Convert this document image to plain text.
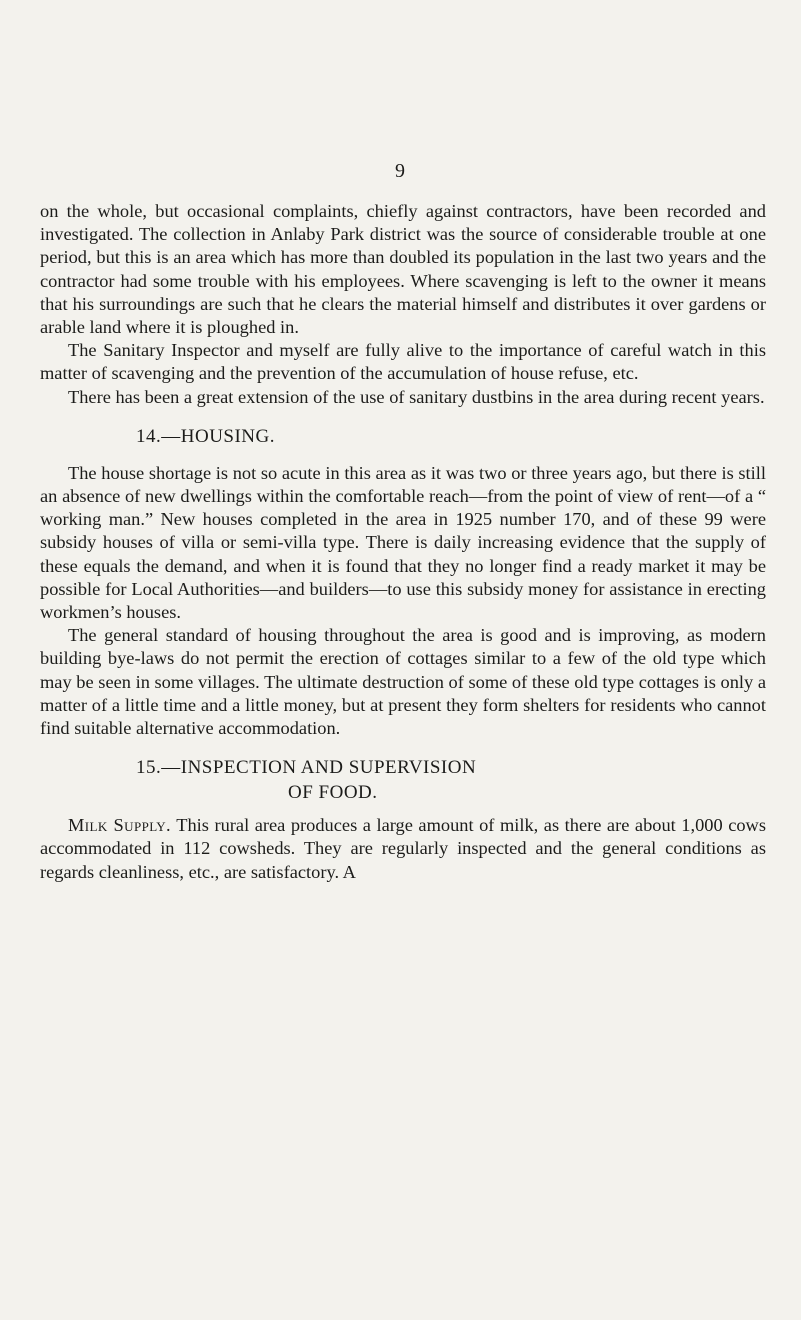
9

on the whole, but occasional complaints, chiefly against contractors, have been recorded and investigated. The collection in Anlaby Park district was the source of considerable trouble at one period, but this is an area which has more than doubled its population in the last two years and the contractor had some trouble with his employees. Where scavenging is left to the owner it means that his surroundings are such that he clears the material himself and distributes it over gardens or arable land where it is ploughed in.

The Sanitary Inspector and myself are fully alive to the importance of careful watch in this matter of scavenging and the prevention of the accumulation of house refuse, etc.

There has been a great extension of the use of sanitary dustbins in the area during recent years.

14.—HOUSING.

The house shortage is not so acute in this area as it was two or three years ago, but there is still an absence of new dwellings within the comfortable reach—from the point of view of rent—of a “ working man.” New houses completed in the area in 1925 number 170, and of these 99 were subsidy houses of villa or semi-villa type. There is daily increasing evidence that the supply of these equals the demand, and when it is found that they no longer find a ready market it may be possible for Local Authorities—and builders—to use this subsidy money for assistance in erecting workmen’s houses.

The general standard of housing throughout the area is good and is improving, as modern building bye-laws do not permit the erection of cottages similar to a few of the old type which may be seen in some villages. The ultimate destruction of some of these old type cottages is only a matter of a little time and a little money, but at present they form shelters for residents who cannot find suitable alternative accommodation.

15.—INSPECTION AND SUPERVISION
OF FOOD.

Milk Supply. This rural area produces a large amount of milk, as there are about 1,000 cows accommodated in 112 cowsheds. They are regularly inspected and the general conditions as regards cleanliness, etc., are satisfactory. A
